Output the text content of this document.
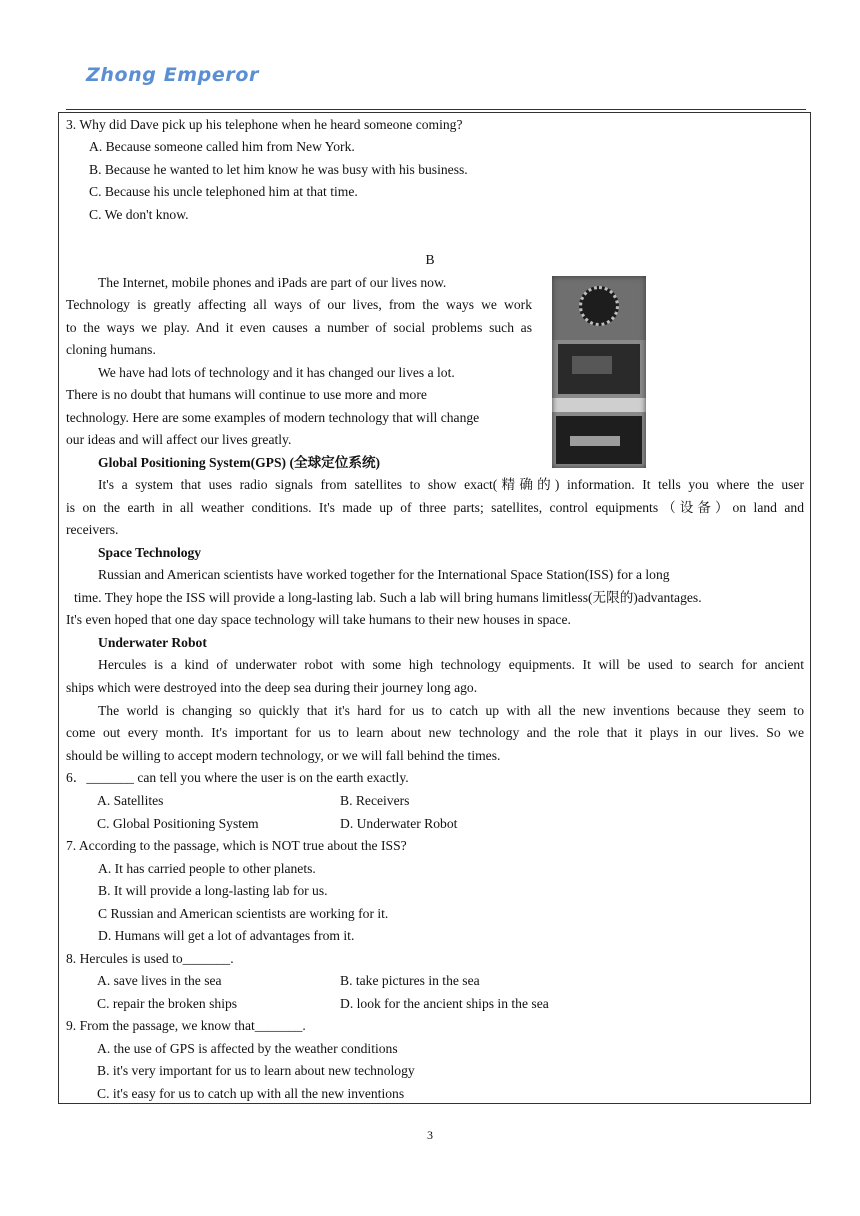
Zhong Emperor
3. Why did Dave pick up his telephone when he heard someone coming?
A. Because someone called him from New York.
B. Because he wanted to let him know he was busy with his business.
C. Because his uncle telephoned him at that time.
C. We don't know.
B
The Internet, mobile phones and iPads are part of our lives now.
Technology is greatly affecting all ways of our lives, from the ways we work
to the ways we play. And it even causes a number of social problems such as
cloning humans.
We have had lots of technology and it has changed our lives a lot.
There is no doubt that humans will continue to use more and more
technology. Here are some examples of modern technology that will change
our ideas and will affect our lives greatly.
Global Positioning System(GPS) (全球定位系统)
It's a system that uses radio signals from satellites to show exact(精确的) information. It tells you where the user
is on the earth in all weather conditions. It's made up of three parts; satellites, control equipments（设备）on land and
receivers.
Space Technology
Russian and American scientists have worked together for the International Space Station(ISS) for a long
time. They hope the ISS will provide a long-lasting lab. Such a lab will bring humans limitless(无限的)advantages.
It's even hoped that one day space technology will take humans to their new houses in space.
Underwater Robot
Hercules is a kind of underwater robot with some high technology equipments. It will be used to search for ancient
ships which were destroyed into the deep sea during their journey long ago.
The world is changing so quickly that it's hard for us to catch up with all the new inventions because they seem to
come out every month. It's important for us to learn about new technology and the role that it plays in our lives. So we
should be willing to accept modern technology, or we will fall behind the times.
6．_______ can tell you where the user is on the earth exactly.
A. Satellites	B. Receivers
C. Global Positioning System	D. Underwater Robot
7. According to the passage, which is NOT true about the ISS?
A. It has carried people to other planets.
B. It will provide a long-lasting lab for us.
C Russian and American scientists are working for it.
D. Humans will get a lot of advantages from it.
8. Hercules is used to_______.
A. save lives in the sea	B. take pictures in the sea
C. repair the broken ships	D. look for the ancient ships in the sea
9. From the passage, we know that_______.
A. the use of GPS is affected by the weather conditions
B. it's very important for us to learn about new technology
C. it's easy for us to catch up with all the new inventions
3
